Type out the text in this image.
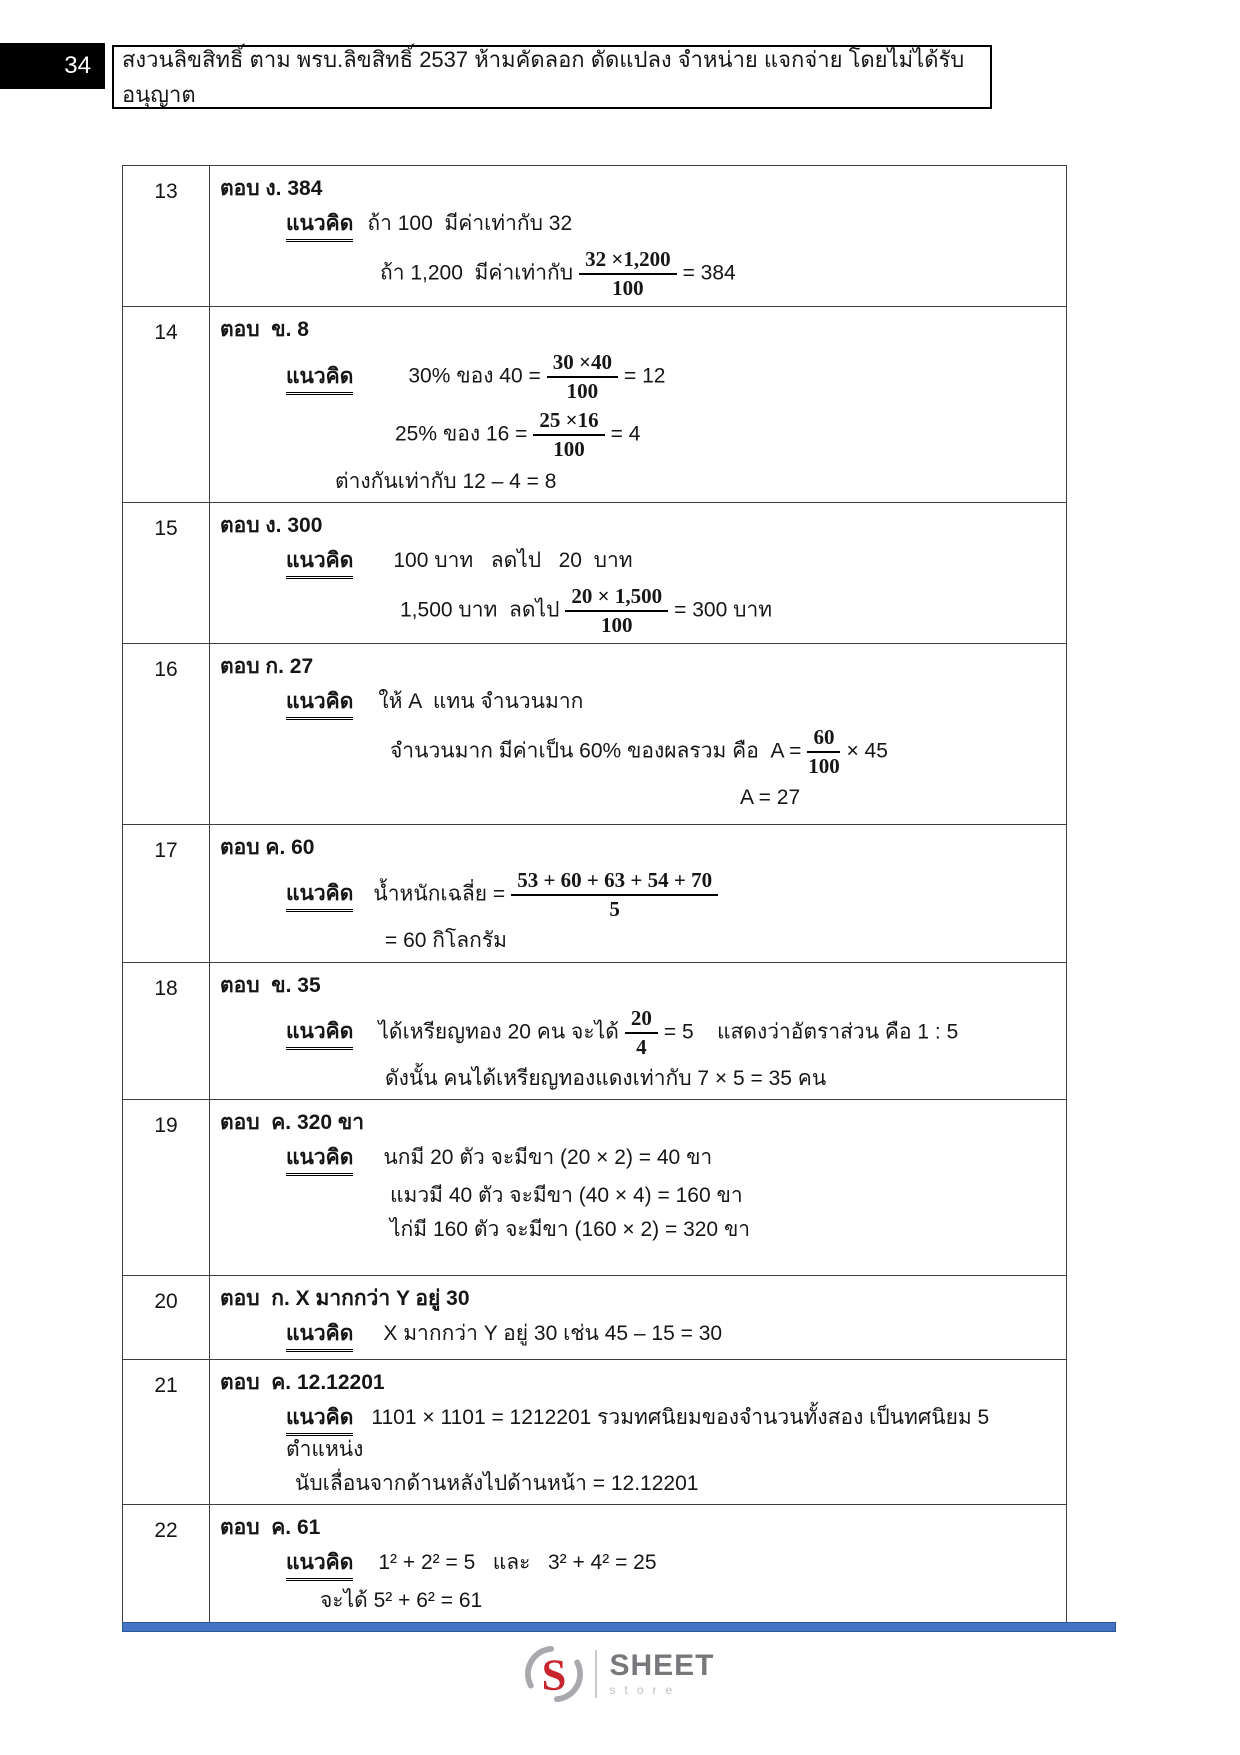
34 สงวนลิขสิทธิ์ ตาม พรบ.ลิขสิทธิ์ 2537 ห้ามคัดลอก ดัดแปลง จำหน่าย แจกจ่าย โดยไม่ได้รับอนุญาต
13	ตอบ ง. 384
แนวคิด ถ้า 100  มีค่าเท่ากับ 32
ถ้า 1,200  มีค่าเท่ากับ $\frac{32 \times 1,200}{100} = 384$
14	ตอบ  ข. 8
แนวคิด	30% ของ $40 = \frac{30 \times 40}{100} = 12$
25% ของ $16 = \frac{25 \times 16}{100} = 4$
ต่างกันเท่ากับ 12 – 4 = 8
15	ตอบ ง. 300
แนวคิด 100 บาท   ลดไป   20  บาท
1,500 บาท  ลดไป $\frac{20 \times 1,500}{100} = 300$ บาท
16	ตอบ ก. 27
แนวคิด ให้ A  แทน จำนวนมาก
จำนวนมาก มีค่าเป็น 60% ของผลรวม คือ  $A = \frac{60}{100} \times 45$
A = 27
17	ตอบ ค. 60
แนวคิด น้ำหนักเฉลี่ย = $\frac{53 + 60 + 63 + 54 + 70}{5}$
= 60 กิโลกรัม
18	ตอบ  ข. 35
แนวคิด ได้เหรียญทอง 20 คน จะได้ $\frac{20}{4} = 5$    แสดงว่าอัตราส่วน คือ 1 : 5
ดังนั้น คนได้เหรียญทองแดงเท่ากับ 7 × 5 = 35 คน
19	ตอบ  ค. 320 ขา
แนวคิด นกมี 20 ตัว จะมีขา (20 × 2) = 40 ขา
แมวมี 40 ตัว จะมีขา (40 × 4) = 160 ขา
ไก่มี 160 ตัว จะมีขา (160 × 2) = 320 ขา
20	ตอบ  ก. X มากกว่า Y อยู่ 30
แนวคิด X มากกว่า Y อยู่ 30 เช่น 45 – 15 = 30
21	ตอบ  ค. 12.12201
แนวคิด 1101 × 1101 = 1212201 รวมทศนิยมของจำนวนทั้งสอง เป็นทศนิยม 5 ตำแหน่ง
นับเลื่อนจากด้านหลังไปด้านหน้า = 12.12201
22	ตอบ  ค. 61
แนวคิด 1² + 2² = 5   และ   3² + 4² = 25
จะได้ 5² + 6² = 61
S SHEET
store
